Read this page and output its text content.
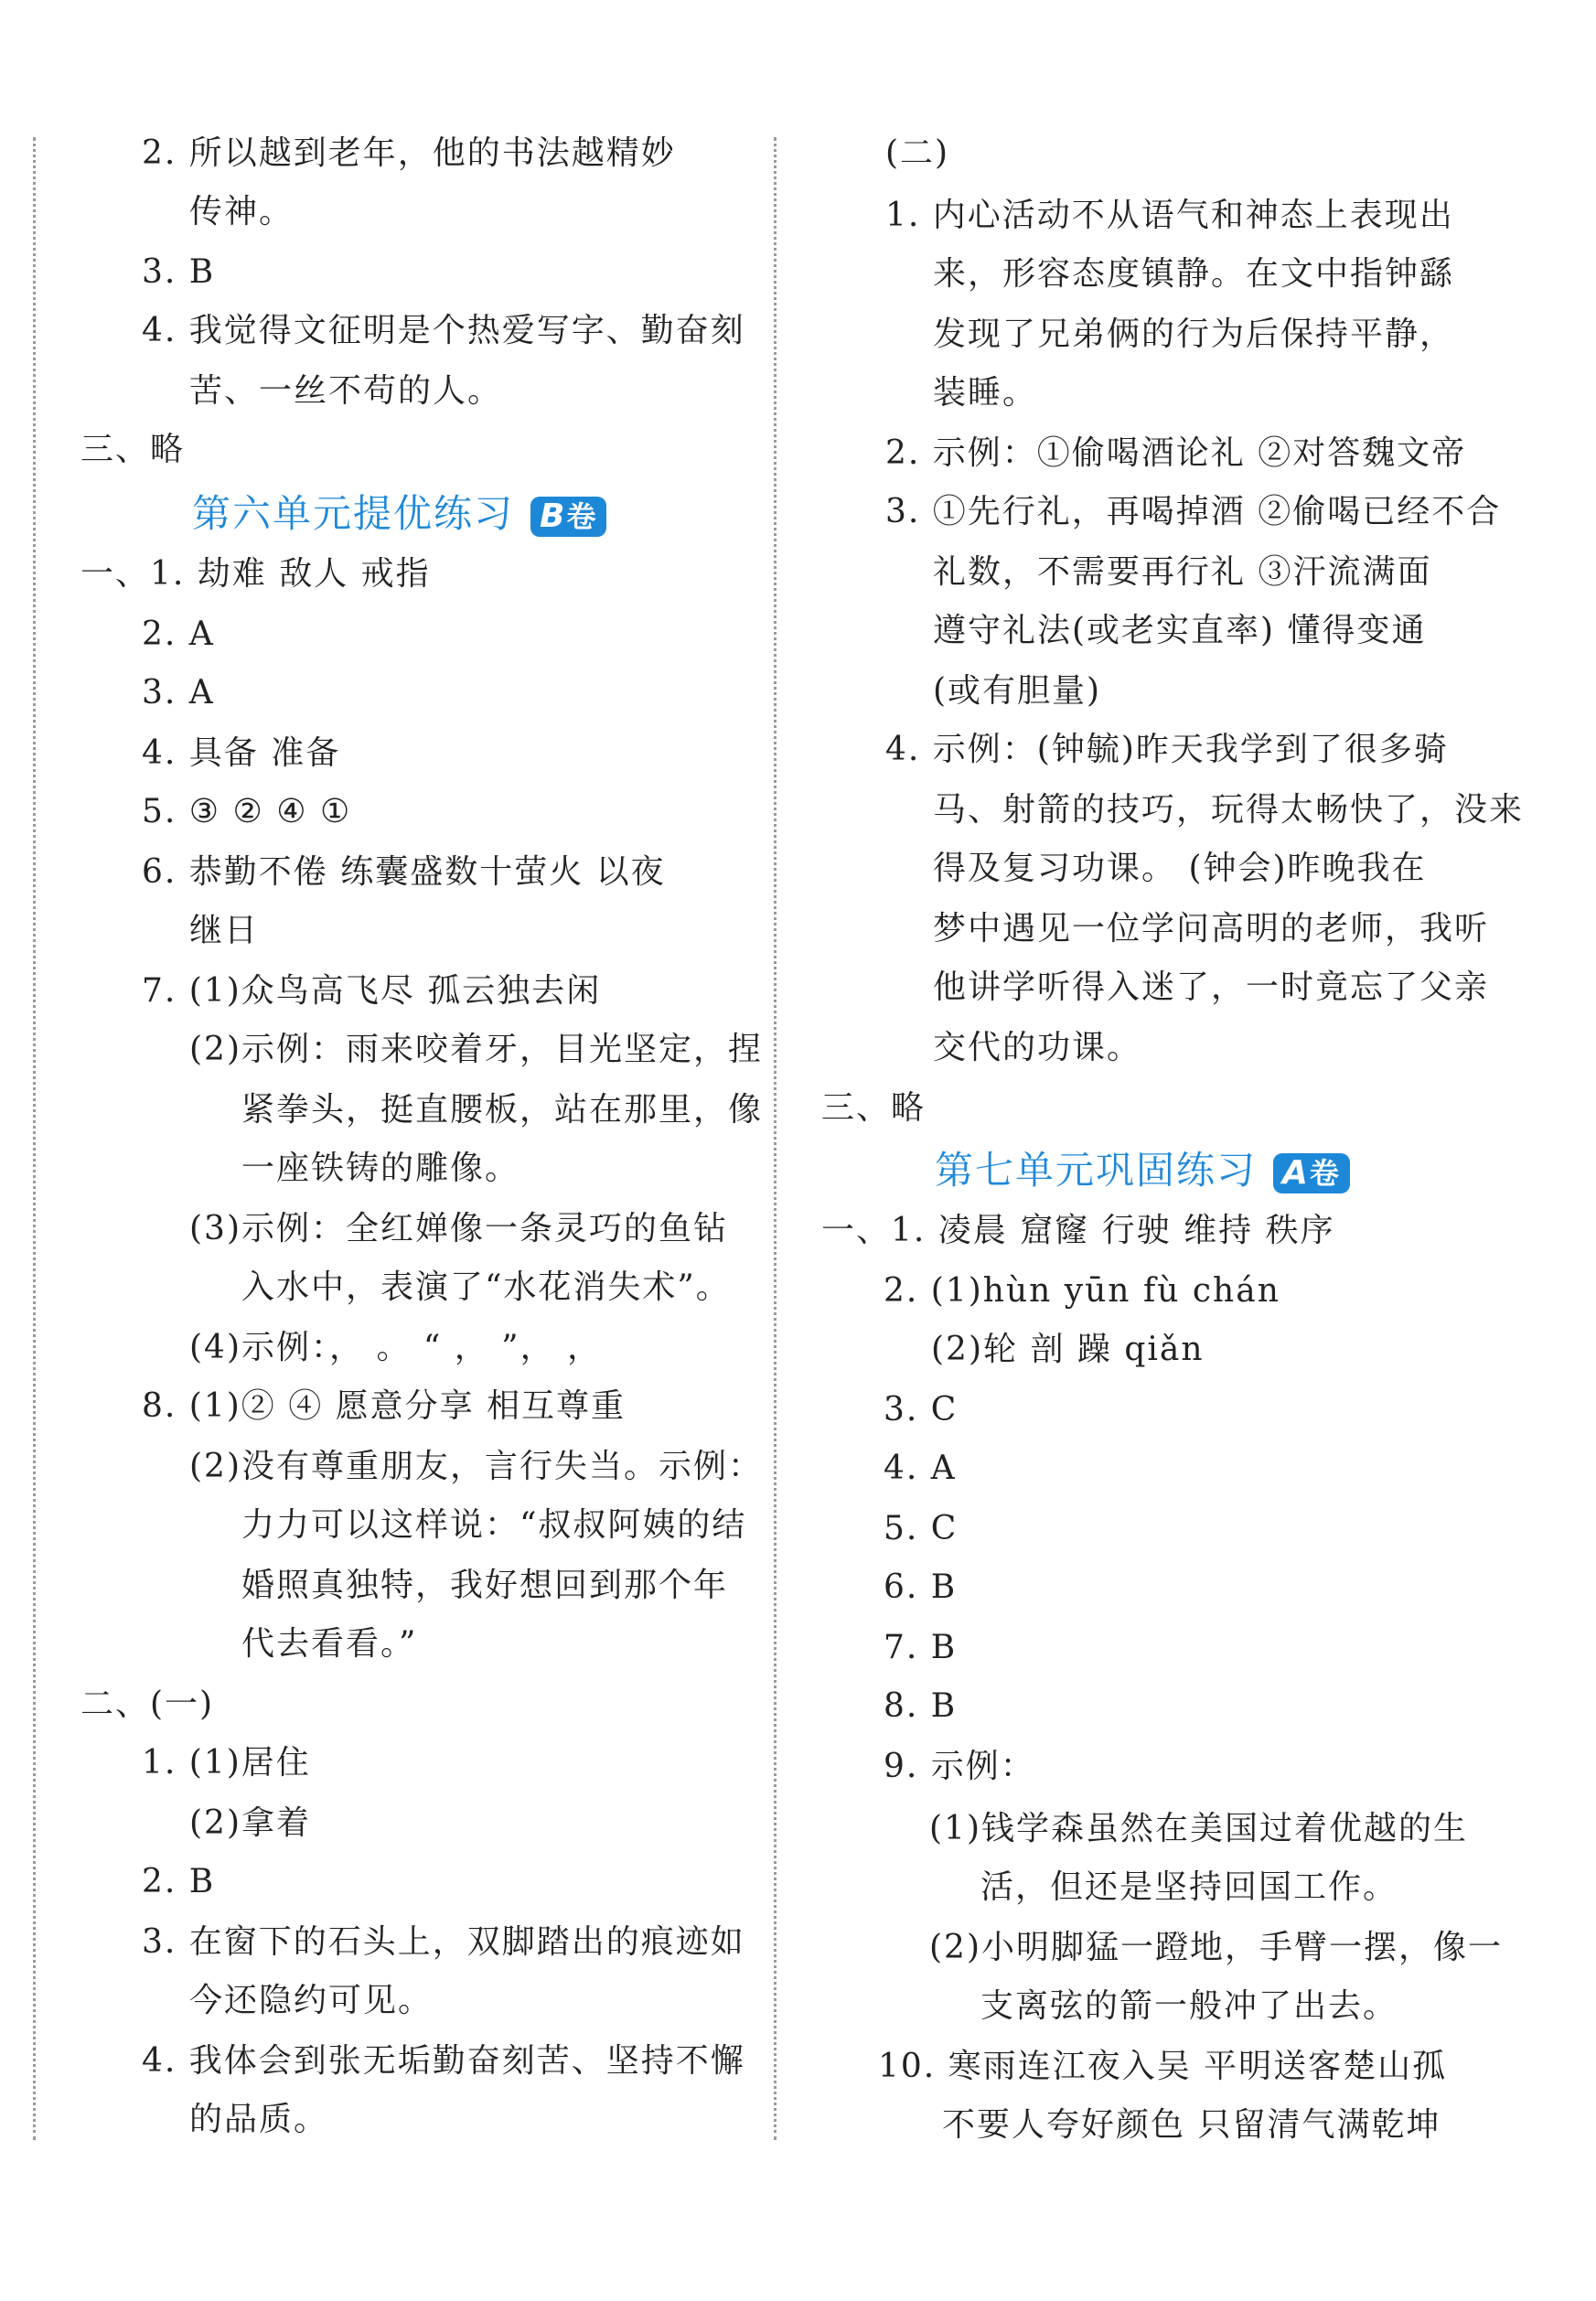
2. 所以越到老年，他的书法越精妙
传神。
3. B
4. 我觉得文征明是个热爱写字、勤奋刻
苦、一丝不苟的人。
三、略
第六单元提优练习 B卷
一、1. 劫难 敌人 戒指
2. A
3. A
4. 具备 准备
5. ③ ② ④ ①
6. 恭勤不倦 练囊盛数十萤火 以夜
继日
7. (1)众鸟高飞尽 孤云独去闲
(2)示例：雨来咬着牙，目光坚定，捏
紧拳头，挺直腰板，站在那里，像
一座铁铸的雕像。
(3)示例：全红婵像一条灵巧的鱼钻
入水中，表演了“水花消失术”。
(4)示例：， 。 “ ， ”， ，
8. (1)② ④ 愿意分享 相互尊重
(2)没有尊重朋友，言行失当。示例：
力力可以这样说：“叔叔阿姨的结
婚照真独特，我好想回到那个年
代去看看。”
二、(一)
1. (1)居住
(2)拿着
2. B
3. 在窗下的石头上，双脚踏出的痕迹如
今还隐约可见。
4. 我体会到张无垢勤奋刻苦、坚持不懈
的品质。
(二)
1. 内心活动不从语气和神态上表现出
来，形容态度镇静。在文中指钟繇
发现了兄弟俩的行为后保持平静，
装睡。
2. 示例：①偷喝酒论礼 ②对答魏文帝
3. ①先行礼，再喝掉酒 ②偷喝已经不合
礼数，不需要再行礼 ③汗流满面
遵守礼法(或老实直率) 懂得变通
(或有胆量)
4. 示例：(钟毓)昨天我学到了很多骑
马、射箭的技巧，玩得太畅快了，没来
得及复习功课。 (钟会)昨晚我在
梦中遇见一位学问高明的老师，我听
他讲学听得入迷了，一时竟忘了父亲
交代的功课。
三、略
第七单元巩固练习 A卷
一、1. 凌晨 窟窿 行驶 维持 秩序
2. (1)hùn yūn fù chán
(2)轮 剖 躁 qiǎn
3. C
4. A
5. C
6. B
7. B
8. B
9. 示例：
(1)钱学森虽然在美国过着优越的生
活，但还是坚持回国工作。
(2)小明脚猛一蹬地，手臂一摆，像一
支离弦的箭一般冲了出去。
10. 寒雨连江夜入吴 平明送客楚山孤
不要人夸好颜色 只留清气满乾坤
